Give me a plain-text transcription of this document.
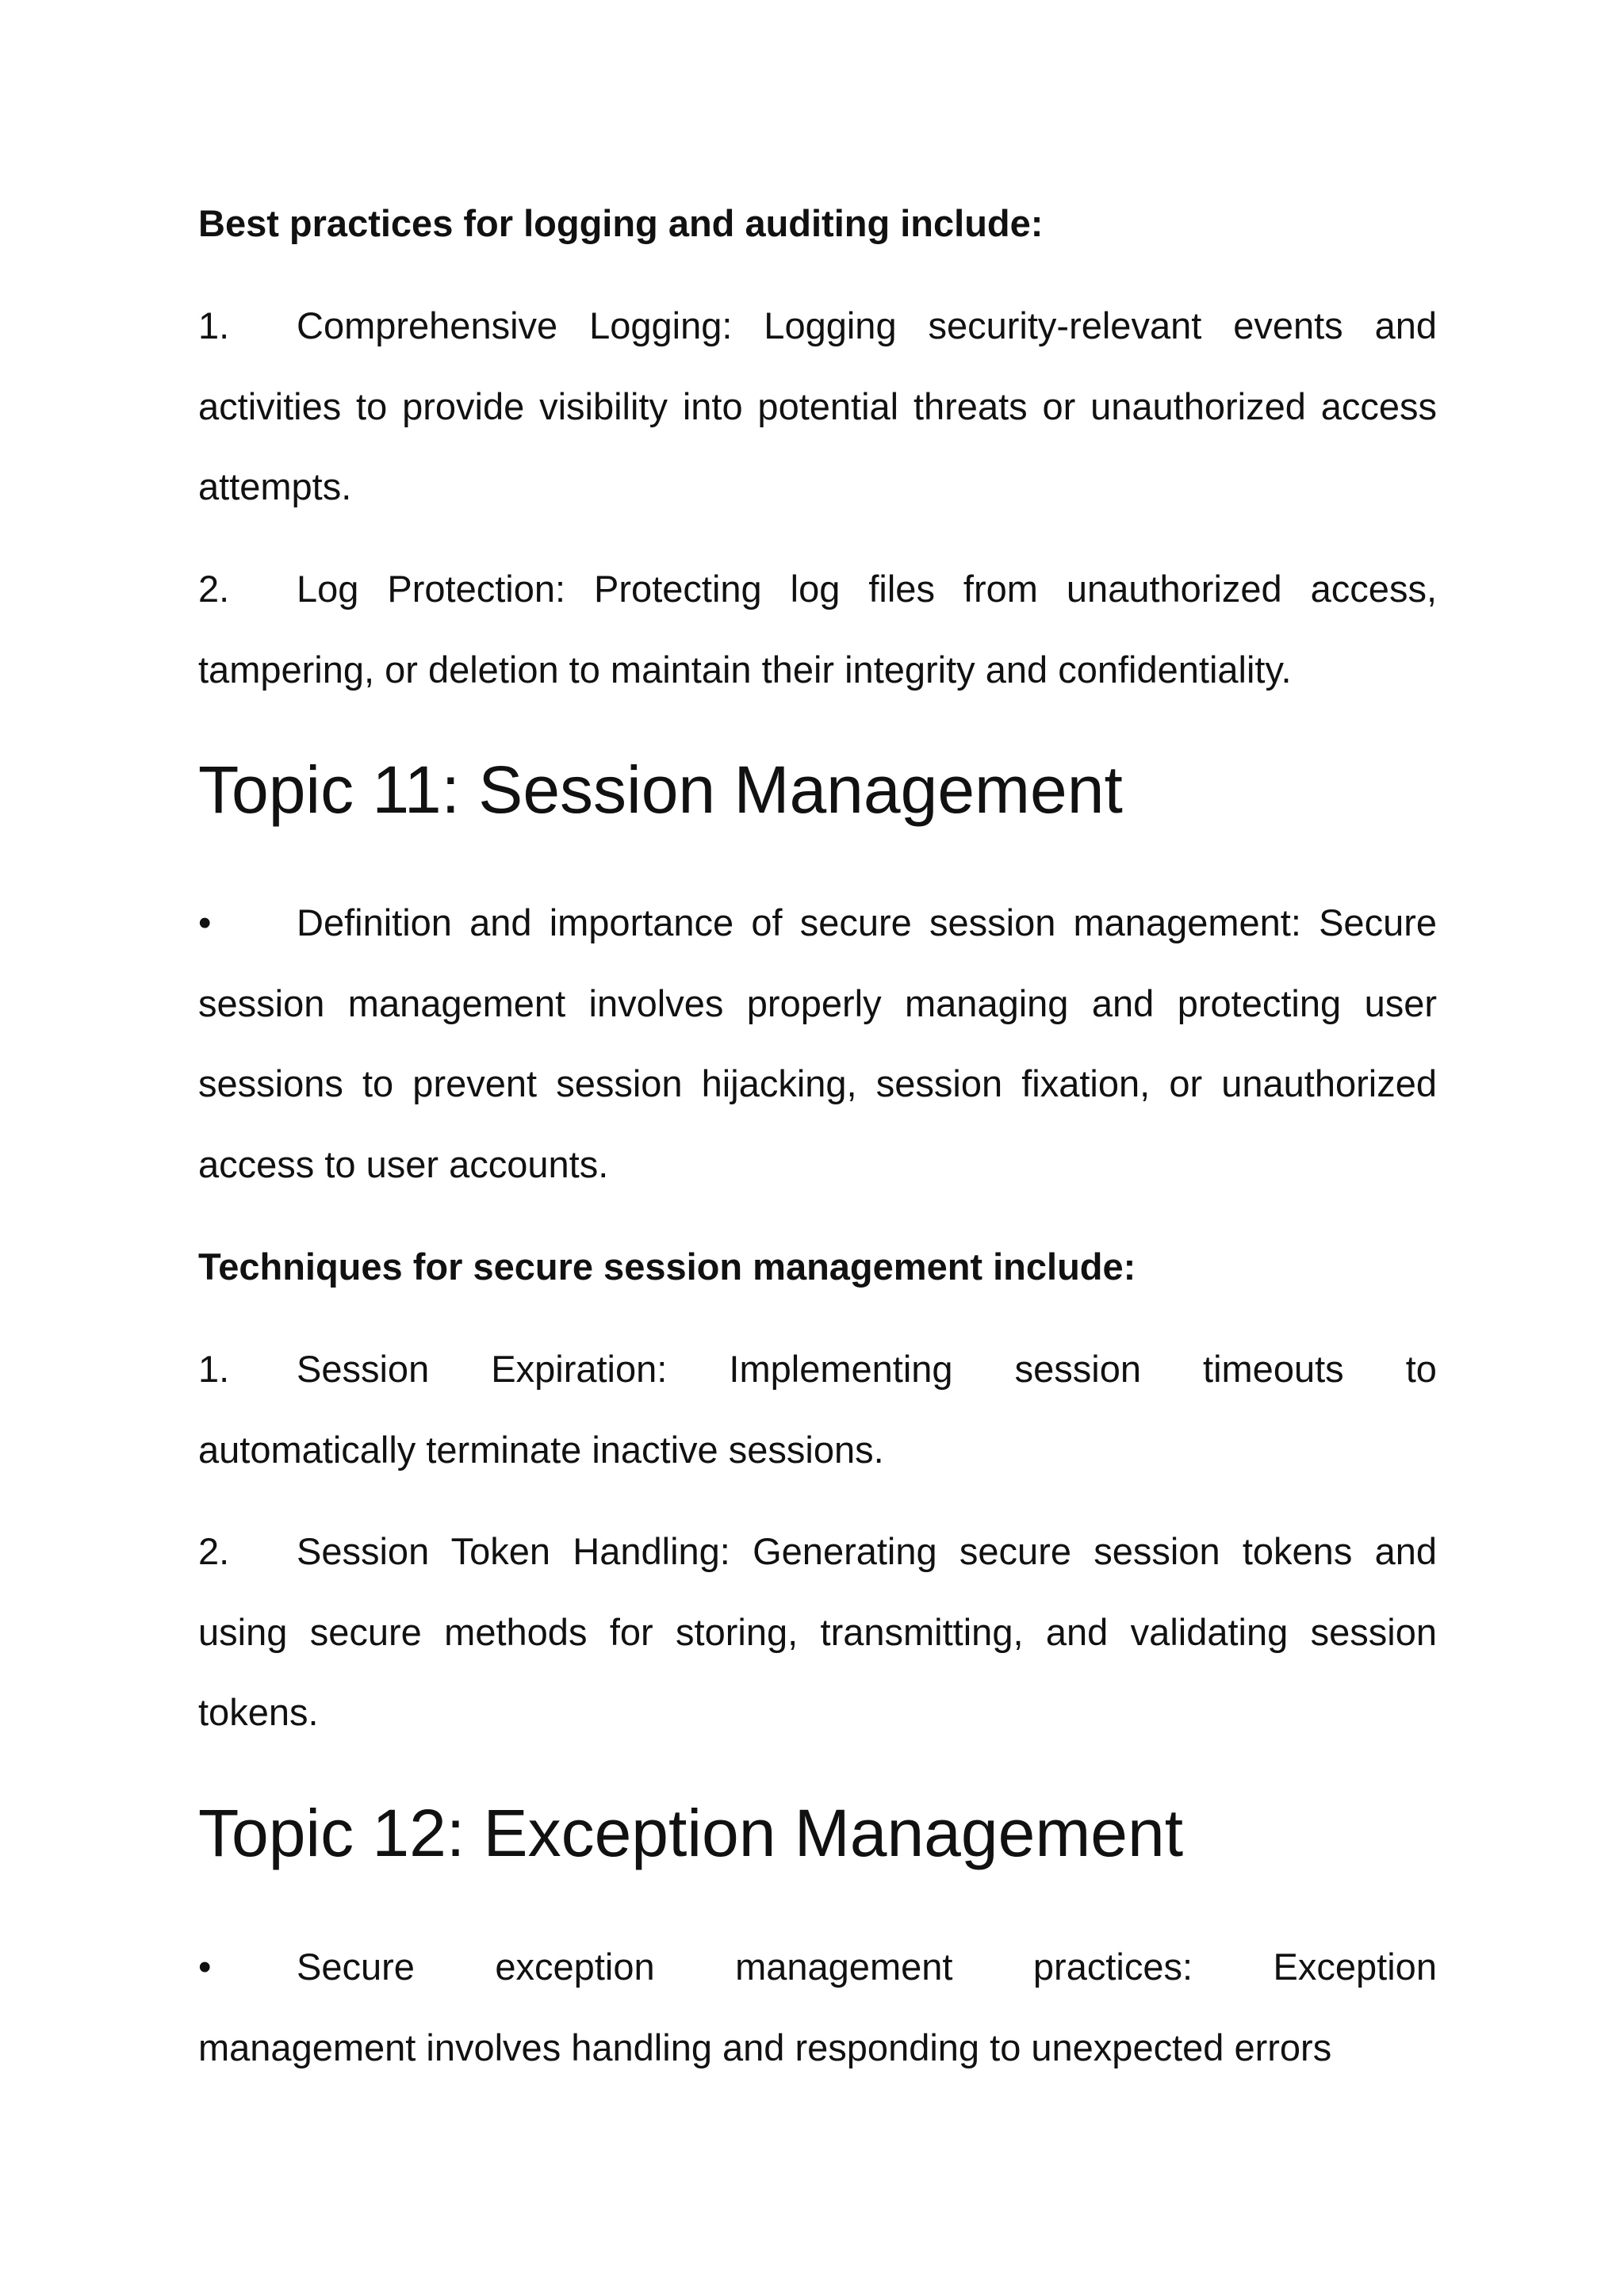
Best practices for logging and auditing include:

1. Comprehensive Logging: Logging security-relevant events and activities to provide visibility into potential threats or unauthorized access attempts.

2. Log Protection: Protecting log files from unauthorized access, tampering, or deletion to maintain their integrity and confidentiality.

Topic 11: Session Management

• Definition and importance of secure session management: Secure session management involves properly managing and protecting user sessions to prevent session hijacking, session fixation, or unauthorized access to user accounts.

Techniques for secure session management include:

1.	Session Expiration: Implementing session timeouts to
automatically terminate inactive sessions.

2. Session Token Handling: Generating secure session tokens and using secure methods for storing, transmitting, and validating session tokens.

Topic 12: Exception Management
•	Secure exception management practices: Exception
management involves handling and responding to unexpected errors
